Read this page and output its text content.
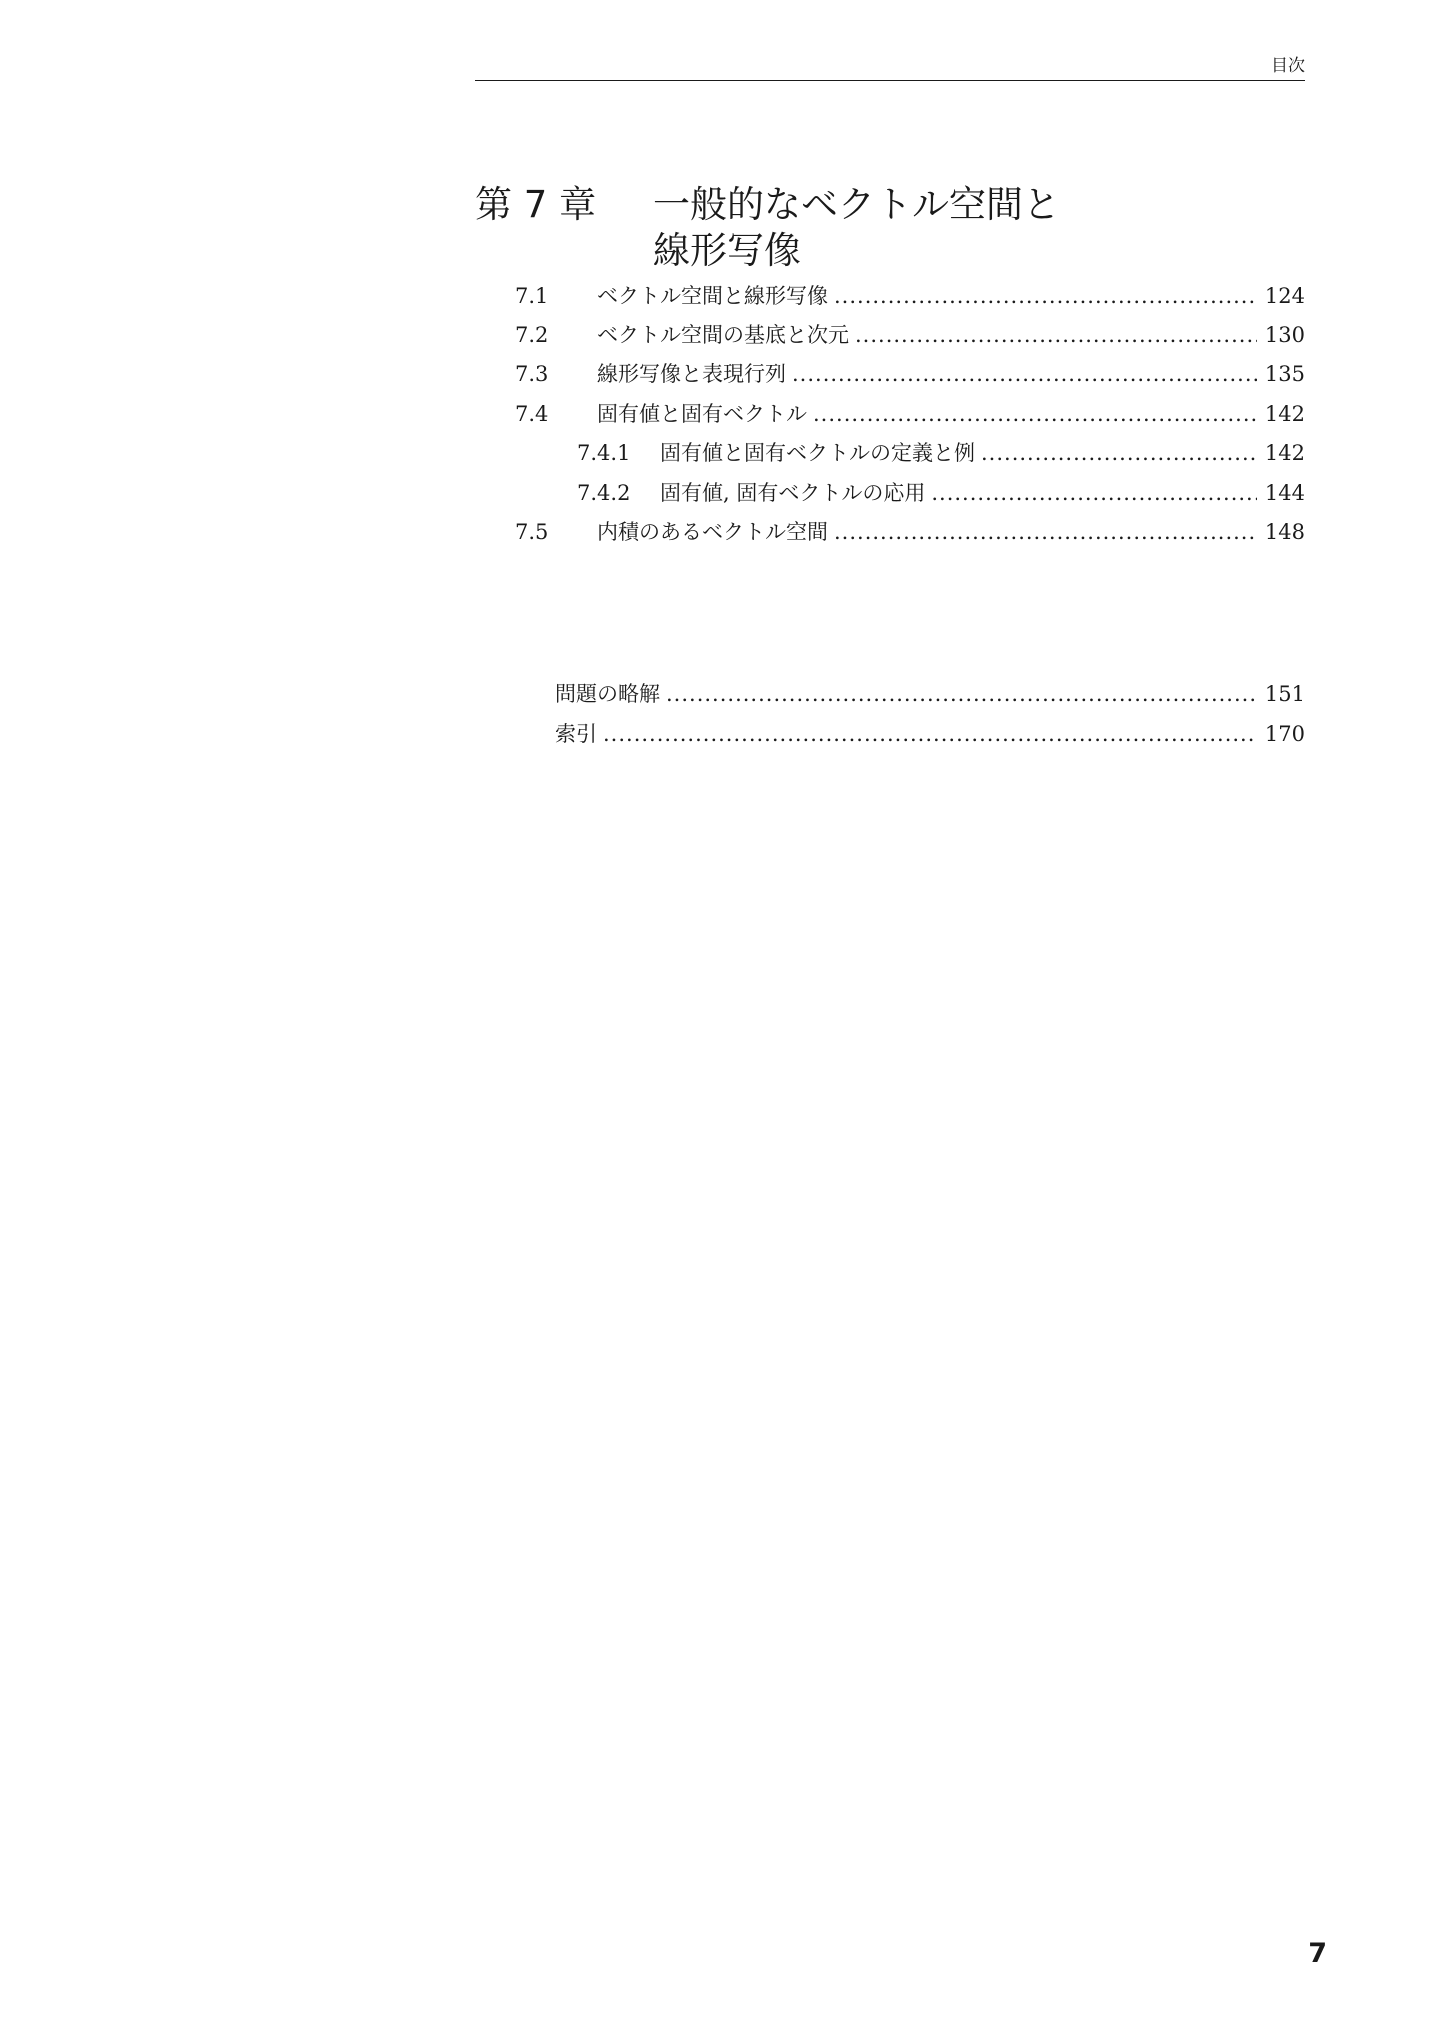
目次
第 7 章 一般的なベクトル空間と
線形写像
7.1	ベクトル空間と線形写像 .....	124
7.2	ベクトル空間の基底と次元 .....	130
7.3	線形写像と表現行列 .....	135
7.4	固有値と固有ベクトル .....	142
7.4.1	固有値と固有ベクトルの定義と例 .....	142
7.4.2	固有値, 固有ベクトルの応用 .....	144
7.5	内積のあるベクトル空間 .....	148
問題の略解 .....	151
索引 .....	170
7
